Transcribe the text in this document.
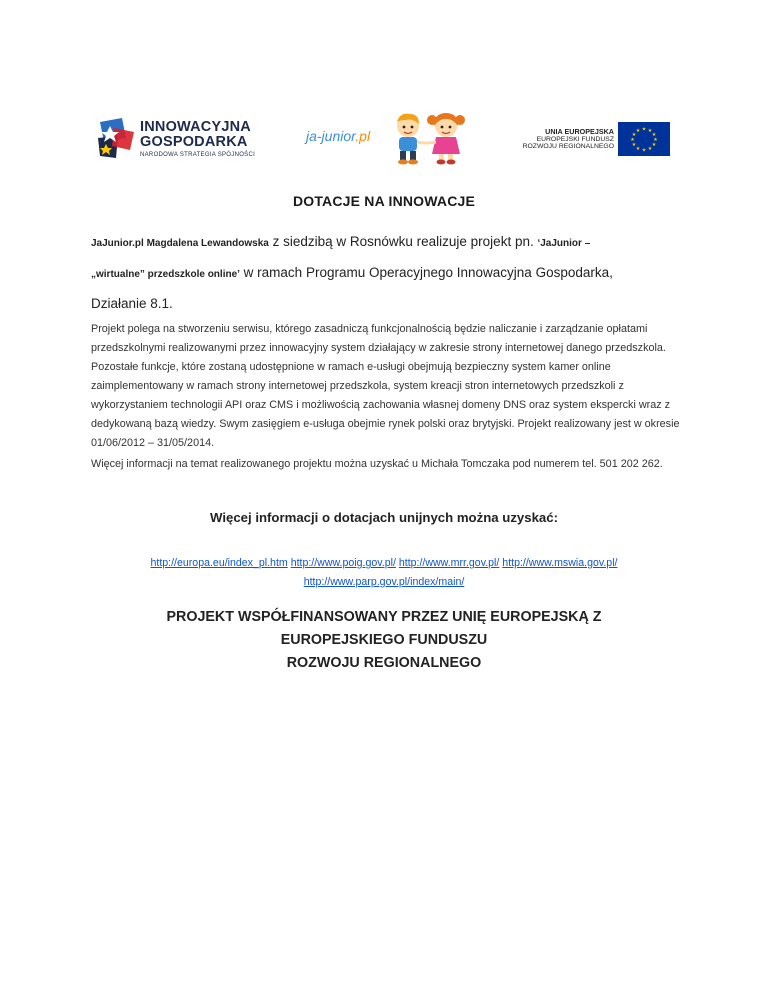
INNOWACYJNA
GOSPODARKA
NARODOWA STRATEGIA SPÓJNOŚCI
ja-junior.pl	UNIA EUROPEJSKA
EUROPEJSKI FUNDUSZ
ROZWOJU REGIONALNEGO
★ ★
★
★
★
★
★
★
★
★
★
★
DOTACJE NA INNOWACJE
JaJunior.pl Magdalena Lewandowska z siedzibą w Rosnówku realizuje projekt pn. ‘JaJunior –
„wirtualne” przedszkole online’ w ramach Programu Operacyjnego Innowacyjna Gospodarka,
Działanie 8.1.
Projekt polega na stworzeniu serwisu, którego zasadniczą funkcjonalnością będzie naliczanie i zarządzanie opłatami przedszkolnymi realizowanymi przez innowacyjny system działający w zakresie strony internetowej danego przedszkola. Pozostałe funkcje, które zostaną udostępnione w ramach e-usługi obejmują bezpieczny system kamer online zaimplementowany w ramach strony internetowej przedszkola, system kreacji stron internetowych przedszkoli z wykorzystaniem technologii API oraz CMS i możliwością zachowania własnej domeny DNS oraz system ekspercki wraz z dedykowaną bazą wiedzy. Swym zasięgiem e-usługa obejmie rynek polski oraz brytyjski. Projekt realizowany jest w okresie 01/06/2012 – 31/05/2014.
Więcej informacji na temat realizowanego projektu można uzyskać u Michała Tomczaka pod numerem tel. 501 202 262.
Więcej informacji o dotacjach unijnych można uzyskać:
http://europa.eu/index_pl.htm http://www.poig.gov.pl/ http://www.mrr.gov.pl/ http://www.mswia.gov.pl/
http://www.parp.gov.pl/index/main/
PROJEKT WSPÓŁFINANSOWANY PRZEZ UNIĘ EUROPEJSKĄ Z
EUROPEJSKIEGO FUNDUSZU
ROZWOJU REGIONALNEGO
